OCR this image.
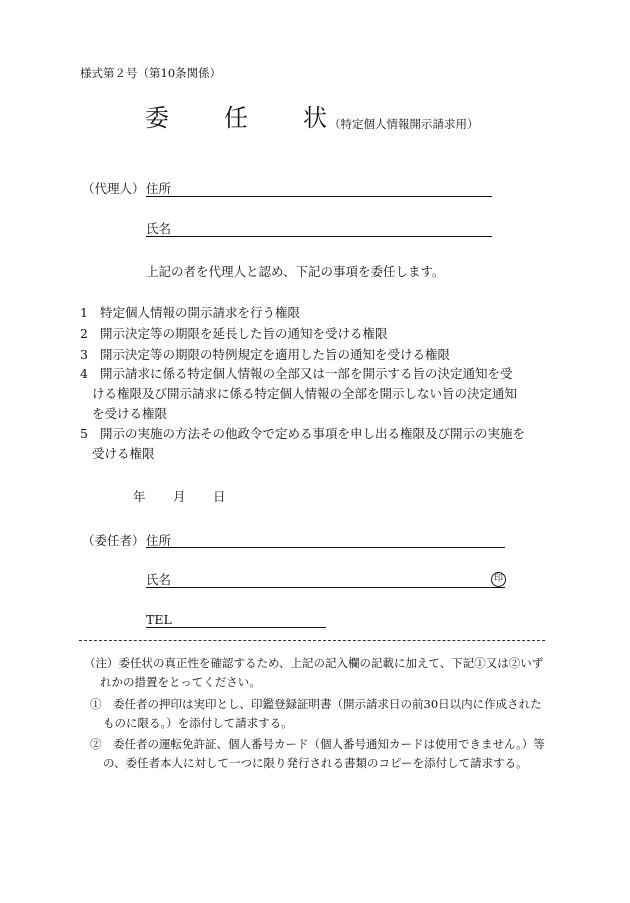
様式第２号（第10条関係）
委 任 状 （特定個人情報開示請求用）
（代理人） 住所
氏名
上記の者を代理人と認め、下記の事項を委任します。
1 特定個人情報の開示請求を行う権限
2 開示決定等の期限を延長した旨の通知を受ける権限
3 開示決定等の期限の特例規定を適用した旨の通知を受ける権限
4 開示請求に係る特定個人情報の全部又は一部を開示する旨の決定通知を受
ける権限及び開示請求に係る特定個人情報の全部を開示しない旨の決定通知
を受ける権限
5 開示の実施の方法その他政令で定める事項を申し出る権限及び開示の実施を
受ける権限
年 月 日
（委任者） 住所
氏名	印
TEL
（注）委任状の真正性を確認するため、上記の記入欄の記載に加えて、下記①又は②いず
れかの措置をとってください。
①　委任者の押印は実印とし、印鑑登録証明書（開示請求日の前30日以内に作成された
ものに限る。）を添付して請求する。
②　委任者の運転免許証、個人番号カード（個人番号通知カードは使用できません。）等
の、委任者本人に対して一つに限り発行される書類のコピーを添付して請求する。
